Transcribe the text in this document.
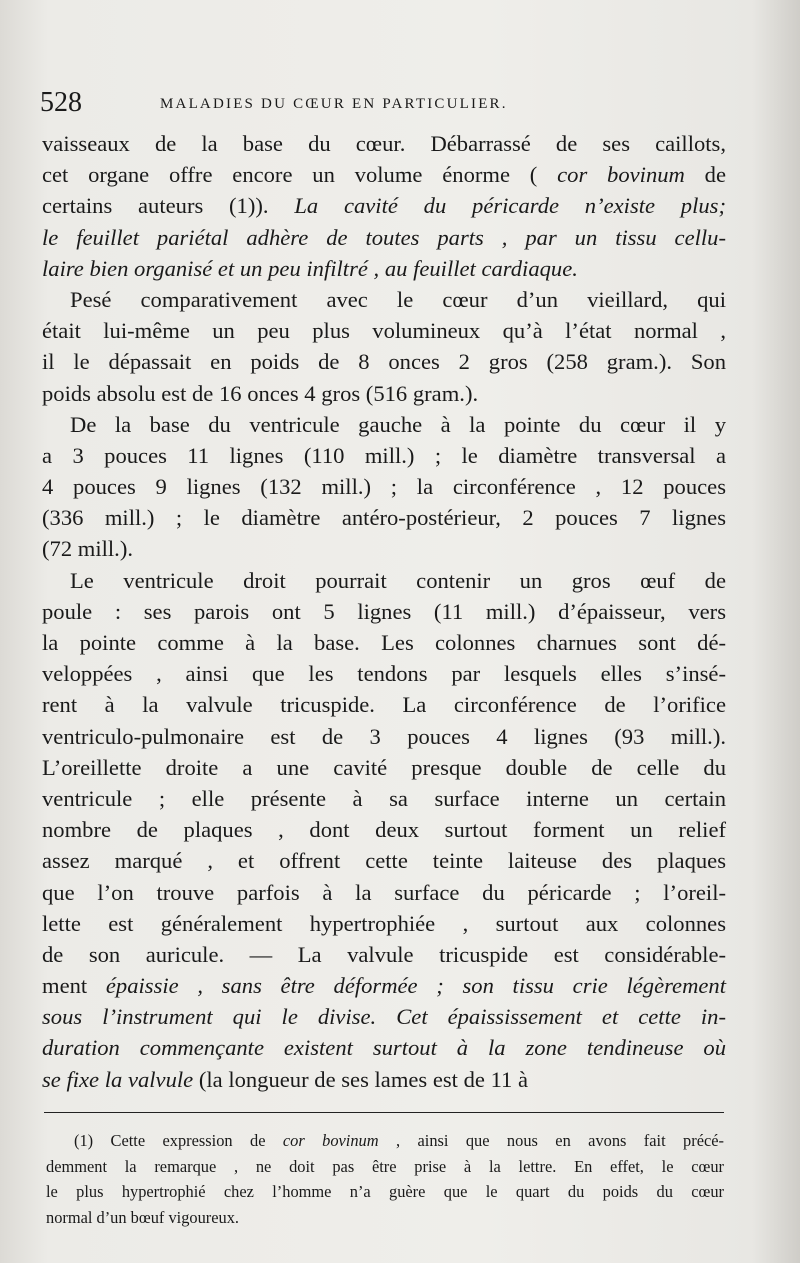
528	MALADIES DU CŒUR EN PARTICULIER.

vaisseaux de la base du cœur. Débarrassé de ses caillots,
cet organe offre encore un volume énorme ( cor bovinum de
certains auteurs (1)). La cavité du péricarde n’existe plus;
le feuillet pariétal adhère de toutes parts , par un tissu cellu-
laire bien organisé et un peu infiltré , au feuillet cardiaque.

Pesé comparativement avec le cœur d’un vieillard, qui
était lui-même un peu plus volumineux qu’à l’état normal ,
il le dépassait en poids de 8 onces 2 gros (258 gram.). Son
poids absolu est de 16 onces 4 gros (516 gram.).

De la base du ventricule gauche à la pointe du cœur il y
a 3 pouces 11 lignes (110 mill.) ; le diamètre transversal a
4 pouces 9 lignes (132 mill.) ; la circonférence , 12 pouces
(336 mill.) ; le diamètre antéro-postérieur, 2 pouces 7 lignes
(72 mill.).

Le ventricule droit pourrait contenir un gros œuf de
poule : ses parois ont 5 lignes (11 mill.) d’épaisseur, vers
la pointe comme à la base. Les colonnes charnues sont dé-
veloppées , ainsi que les tendons par lesquels elles s’insé-
rent à la valvule tricuspide. La circonférence de l’orifice
ventriculo-pulmonaire est de 3 pouces 4 lignes (93 mill.).
L’oreillette droite a une cavité presque double de celle du
ventricule ; elle présente à sa surface interne un certain
nombre de plaques , dont deux surtout forment un relief
assez marqué , et offrent cette teinte laiteuse des plaques
que l’on trouve parfois à la surface du péricarde ; l’oreil-
lette est généralement hypertrophiée , surtout aux colonnes
de son auricule. — La valvule tricuspide est considérable-
ment épaissie , sans être déformée ; son tissu crie légèrement
sous l’instrument qui le divise. Cet épaississement et cette in-
duration commençante existent surtout à la zone tendineuse où
se fixe la valvule (la longueur de ses lames est de 11 à

(1) Cette expression de cor bovinum , ainsi que nous en avons fait précé-
demment la remarque , ne doit pas être prise à la lettre. En effet, le cœur
le plus hypertrophié chez l’homme n’a guère que le quart du poids du cœur
normal d’un bœuf vigoureux.
